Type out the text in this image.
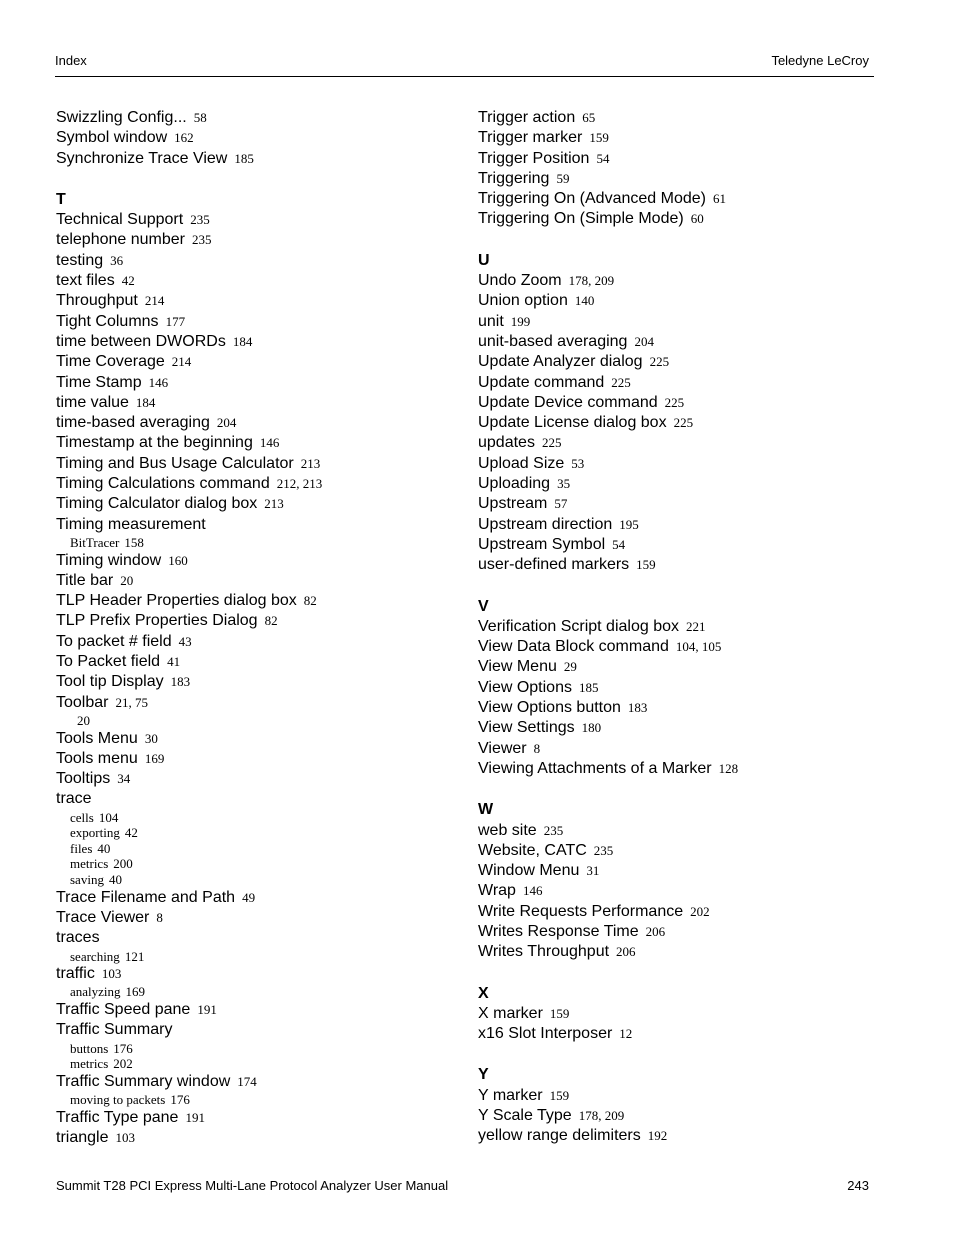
Index	Teledyne LeCroy
Swizzling Config... 58
Symbol window 162
Synchronize Trace View 185
T
Technical Support 235
telephone number 235
testing 36
text files 42
Throughput 214
Tight Columns 177
time between DWORDs 184
Time Coverage 214
Time Stamp 146
time value 184
time-based averaging 204
Timestamp at the beginning 146
Timing and Bus Usage Calculator 213
Timing Calculations command 212, 213
Timing Calculator dialog box 213
Timing measurement
BitTracer 158
Timing window 160
Title bar 20
TLP Header Properties dialog box 82
TLP Prefix Properties Dialog 82
To packet # field 43
To Packet field 41
Tool tip Display 183
Toolbar 21, 75
20
Tools Menu 30
Tools menu 169
Tooltips 34
trace
cells 104
exporting 42
files 40
metrics 200
saving 40
Trace Filename and Path 49
Trace Viewer 8
traces
searching 121
traffic 103
analyzing 169
Traffic Speed pane 191
Traffic Summary
buttons 176
metrics 202
Traffic Summary window 174
moving to packets 176
Traffic Type pane 191
triangle 103
Trigger action 65
Trigger marker 159
Trigger Position 54
Triggering 59
Triggering On (Advanced Mode) 61
Triggering On (Simple Mode) 60
U
Undo Zoom 178, 209
Union option 140
unit 199
unit-based averaging 204
Update Analyzer dialog 225
Update command 225
Update Device command 225
Update License dialog box 225
updates 225
Upload Size 53
Uploading 35
Upstream 57
Upstream direction 195
Upstream Symbol 54
user-defined markers 159
V
Verification Script dialog box 221
View Data Block command 104, 105
View Menu 29
View Options 185
View Options button 183
View Settings 180
Viewer 8
Viewing Attachments of a Marker 128
W
web site 235
Website, CATC 235
Window Menu 31
Wrap 146
Write Requests Performance 202
Writes Response Time 206
Writes Throughput 206
X
X marker 159
x16 Slot Interposer 12
Y
Y marker 159
Y Scale Type 178, 209
yellow range delimiters 192
Summit T28 PCI Express Multi-Lane Protocol Analyzer User Manual	243
